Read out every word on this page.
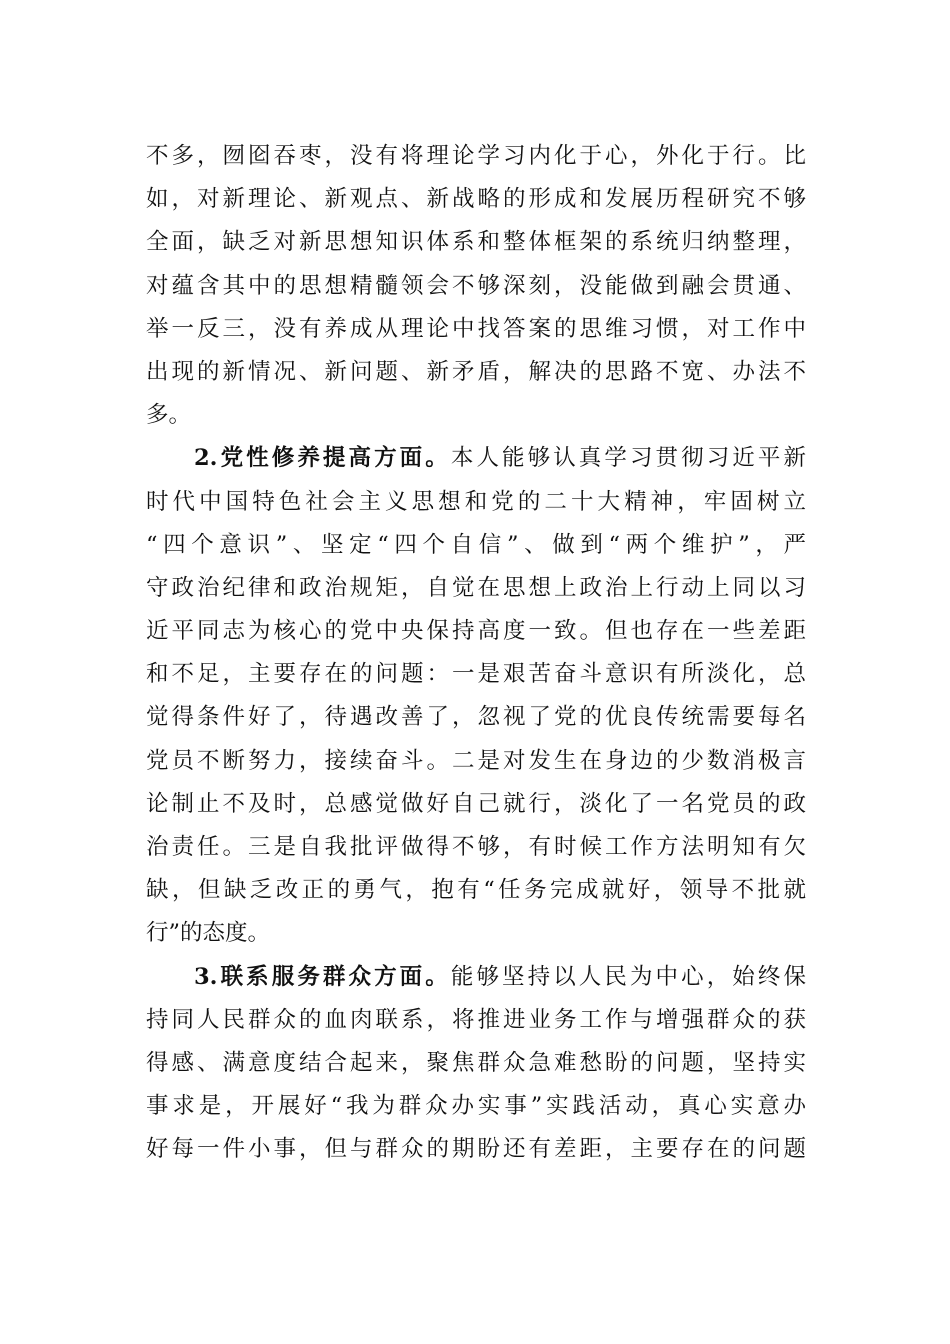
不多，囫囵吞枣，没有将理论学习内化于心，外化于行。比
如，对新理论、新观点、新战略的形成和发展历程研究不够
全面，缺乏对新思想知识体系和整体框架的系统归纳整理，
对蕴含其中的思想精髓领会不够深刻，没能做到融会贯通、
举一反三，没有养成从理论中找答案的思维习惯，对工作中
出现的新情况、新问题、新矛盾，解决的思路不宽、办法不
多。
2.党性修养提高方面。本人能够认真学习贯彻习近平新
时代中国特色社会主义思想和党的二十大精神，牢固树立
“四个意识”、坚定“四个自信”、做到“两个维护”，严
守政治纪律和政治规矩，自觉在思想上政治上行动上同以习
近平同志为核心的党中央保持高度一致。但也存在一些差距
和不足，主要存在的问题：一是艰苦奋斗意识有所淡化，总
觉得条件好了，待遇改善了，忽视了党的优良传统需要每名
党员不断努力，接续奋斗。二是对发生在身边的少数消极言
论制止不及时，总感觉做好自己就行，淡化了一名党员的政
治责任。三是自我批评做得不够，有时候工作方法明知有欠
缺，但缺乏改正的勇气，抱有“任务完成就好，领导不批就
行”的态度。
3.联系服务群众方面。能够坚持以人民为中心，始终保
持同人民群众的血肉联系，将推进业务工作与增强群众的获
得感、满意度结合起来，聚焦群众急难愁盼的问题，坚持实
事求是，开展好“我为群众办实事”实践活动，真心实意办
好每一件小事，但与群众的期盼还有差距，主要存在的问题
